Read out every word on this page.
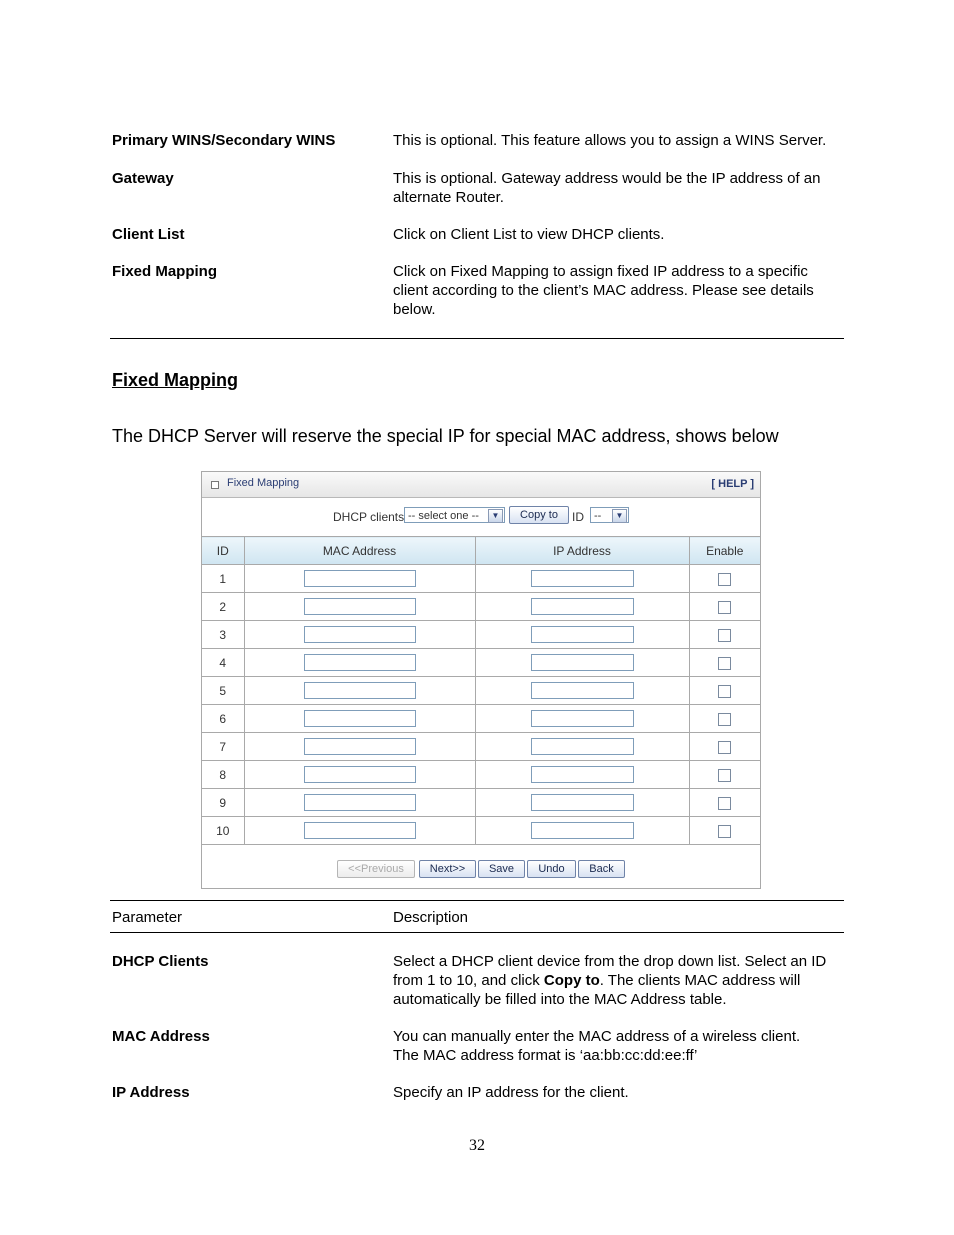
Primary WINS/Secondary WINS	This is optional. This feature allows you to assign a WINS Server.
Gateway	This is optional. Gateway address would be the IP address of an
alternate Router.
Client List	Click on Client List to view DHCP clients.
Fixed Mapping	Click on Fixed Mapping to assign fixed IP address to a specific
client according to the client’s MAC address. Please see details
below.
Fixed Mapping
The DHCP Server will reserve the special IP for special MAC address, shows below
Fixed Mapping	[ HELP ]
DHCP clients -- select one --	▼	Copy to	ID --	▼
ID	MAC Address	IP Address	Enable
1			
2			
3			
4			
5			
6			
7			
8			
9			
10			
<<Previous	Next>>	Save	Undo	Back
Parameter	Description
DHCP Clients	Select a DHCP client device from the drop down list. Select an ID
from 1 to 10, and click Copy to. The clients MAC address will
automatically be filled into the MAC Address table.
MAC Address	You can manually enter the MAC address of a wireless client.
The MAC address format is ‘aa:bb:cc:dd:ee:ff’
IP Address	Specify an IP address for the client.
32
